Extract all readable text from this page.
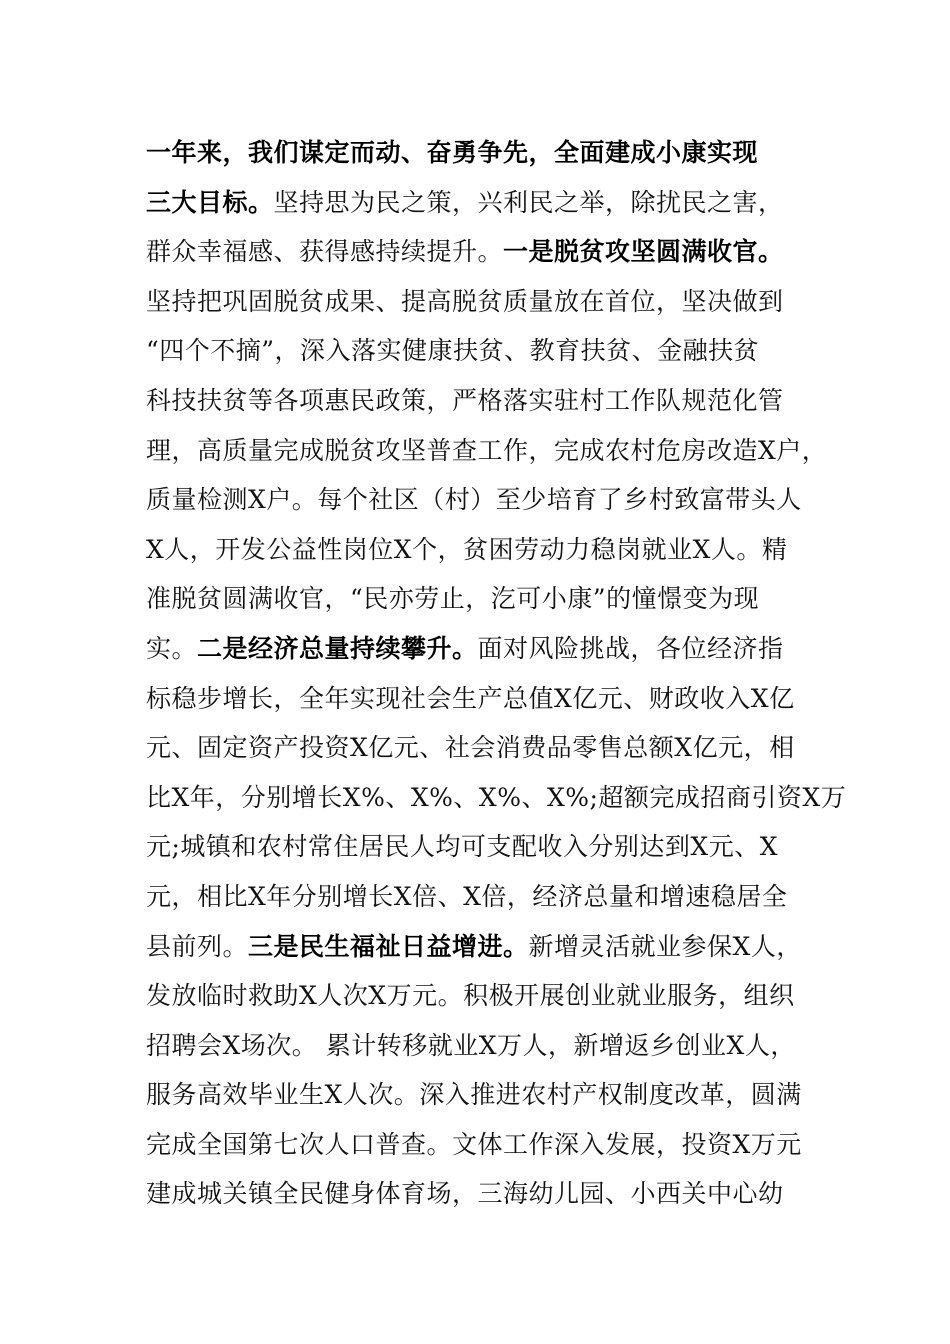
一年来，我们谋定而动、奋勇争先，全面建成小康实现
三大目标。坚持思为民之策，兴利民之举，除扰民之害，
群众幸福感、获得感持续提升。一是脱贫攻坚圆满收官。
坚持把巩固脱贫成果、提高脱贫质量放在首位，坚决做到
“四个不摘”，深入落实健康扶贫、教育扶贫、金融扶贫
科技扶贫等各项惠民政策，严格落实驻村工作队规范化管
理，高质量完成脱贫攻坚普查工作，完成农村危房改造X户，
质量检测X户。每个社区（村）至少培育了乡村致富带头人
X人，开发公益性岗位X个，贫困劳动力稳岗就业X人。精
准脱贫圆满收官，“民亦劳止，汔可小康”的憧憬变为现
实。二是经济总量持续攀升。面对风险挑战，各位经济指
标稳步增长，全年实现社会生产总值X亿元、财政收入X亿
元、固定资产投资X亿元、社会消费品零售总额X亿元，相
比X年，分别增长X%、X%、X%、X%;超额完成招商引资X万
元;城镇和农村常住居民人均可支配收入分别达到X元、X
元，相比X年分别增长X倍、X倍，经济总量和增速稳居全
县前列。三是民生福祉日益增进。新增灵活就业参保X人，
发放临时救助X人次X万元。积极开展创业就业服务，组织
招聘会X场次。 累计转移就业X万人，新增返乡创业X人，
服务高效毕业生X人次。深入推进农村产权制度改革，圆满
完成全国第七次人口普查。文体工作深入发展，投资X万元
建成城关镇全民健身体育场，三海幼儿园、小西关中心幼
